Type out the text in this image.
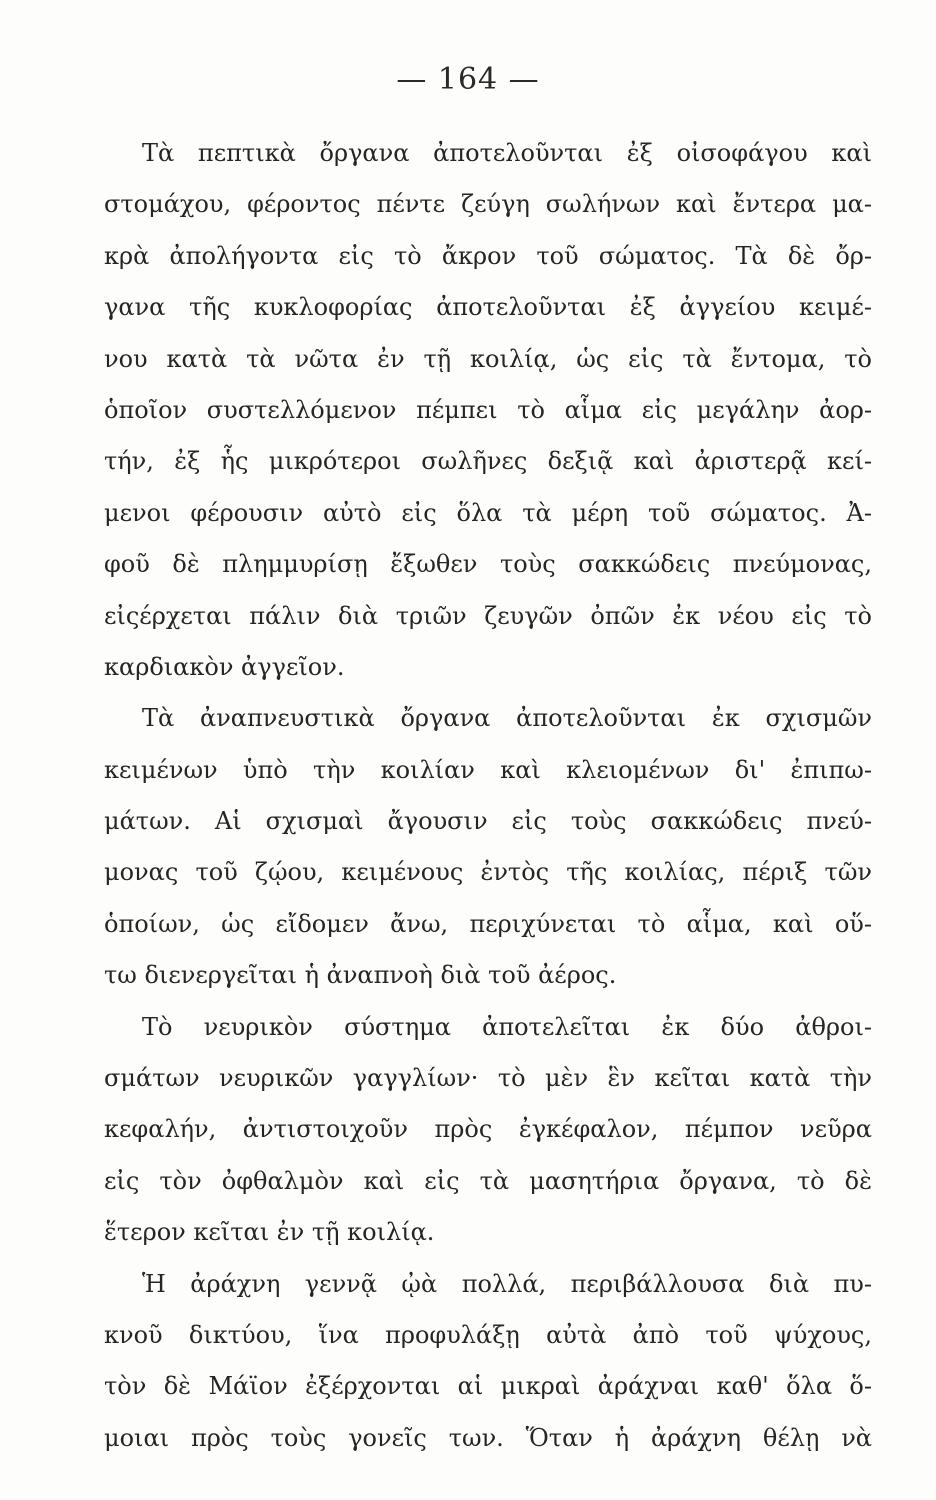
— 164 —
Τὰ πεπτικὰ ὄργανα ἀποτελοῦνται ἐξ οἰσοφάγου καὶ
στομάχου, φέροντος πέντε ζεύγη σωλήνων καὶ ἔντερα μα-
κρὰ ἀπολήγοντα εἰς τὸ ἄκρον τοῦ σώματος. Τὰ δὲ ὄρ-
γανα τῆς κυκλοφορίας ἀποτελοῦνται ἐξ ἀγγείου κειμέ-
νου κατὰ τὰ νῶτα ἐν τῇ κοιλίᾳ, ὡς εἰς τὰ ἔντομα, τὸ
ὁποῖον συστελλόμενον πέμπει τὸ αἷμα εἰς μεγάλην ἀορ-
τήν, ἐξ ἧς μικρότεροι σωλῆνες δεξιᾷ καὶ ἀριστερᾷ κεί-
μενοι φέρουσιν αὐτὸ εἰς ὅλα τὰ μέρη τοῦ σώματος. Ἀ-
φοῦ δὲ πλημμυρίσῃ ἔξωθεν τοὺς σακκώδεις πνεύμονας,
εἰςέρχεται πάλιν διὰ τριῶν ζευγῶν ὀπῶν ἐκ νέου εἰς τὸ
καρδιακὸν ἀγγεῖον.
Τὰ ἀναπνευστικὰ ὄργανα ἀποτελοῦνται ἐκ σχισμῶν
κειμένων ὑπὸ τὴν κοιλίαν καὶ κλειομένων δι' ἐπιπω-
μάτων. Αἱ σχισμαὶ ἄγουσιν εἰς τοὺς σακκώδεις πνεύ-
μονας τοῦ ζῴου, κειμένους ἐντὸς τῆς κοιλίας, πέριξ τῶν
ὁποίων, ὡς εἴδομεν ἄνω, περιχύνεται τὸ αἷμα, καὶ οὕ-
τω διενεργεῖται ἡ ἀναπνοὴ διὰ τοῦ ἀέρος.
Τὸ νευρικὸν σύστημα ἀποτελεῖται ἐκ δύο ἀθροι-
σμάτων νευρικῶν γαγγλίων· τὸ μὲν ἓν κεῖται κατὰ τὴν
κεφαλήν, ἀντιστοιχοῦν πρὸς ἐγκέφαλον, πέμπον νεῦρα
εἰς τὸν ὀφθαλμὸν καὶ εἰς τὰ μασητήρια ὄργανα, τὸ δὲ
ἕτερον κεῖται ἐν τῇ κοιλίᾳ.
Ἡ ἀράχνη γεννᾷ ᾠὰ πολλά, περιβάλλουσα διὰ πυ-
κνοῦ δικτύου, ἵνα προφυλάξῃ αὐτὰ ἀπὸ τοῦ ψύχους,
τὸν δὲ Μάϊον ἐξέρχονται αἱ μικραὶ ἀράχναι καθ' ὅλα ὅ-
μοιαι πρὸς τοὺς γονεῖς των. Ὅταν ἡ ἀράχνη θέλῃ νὰ
